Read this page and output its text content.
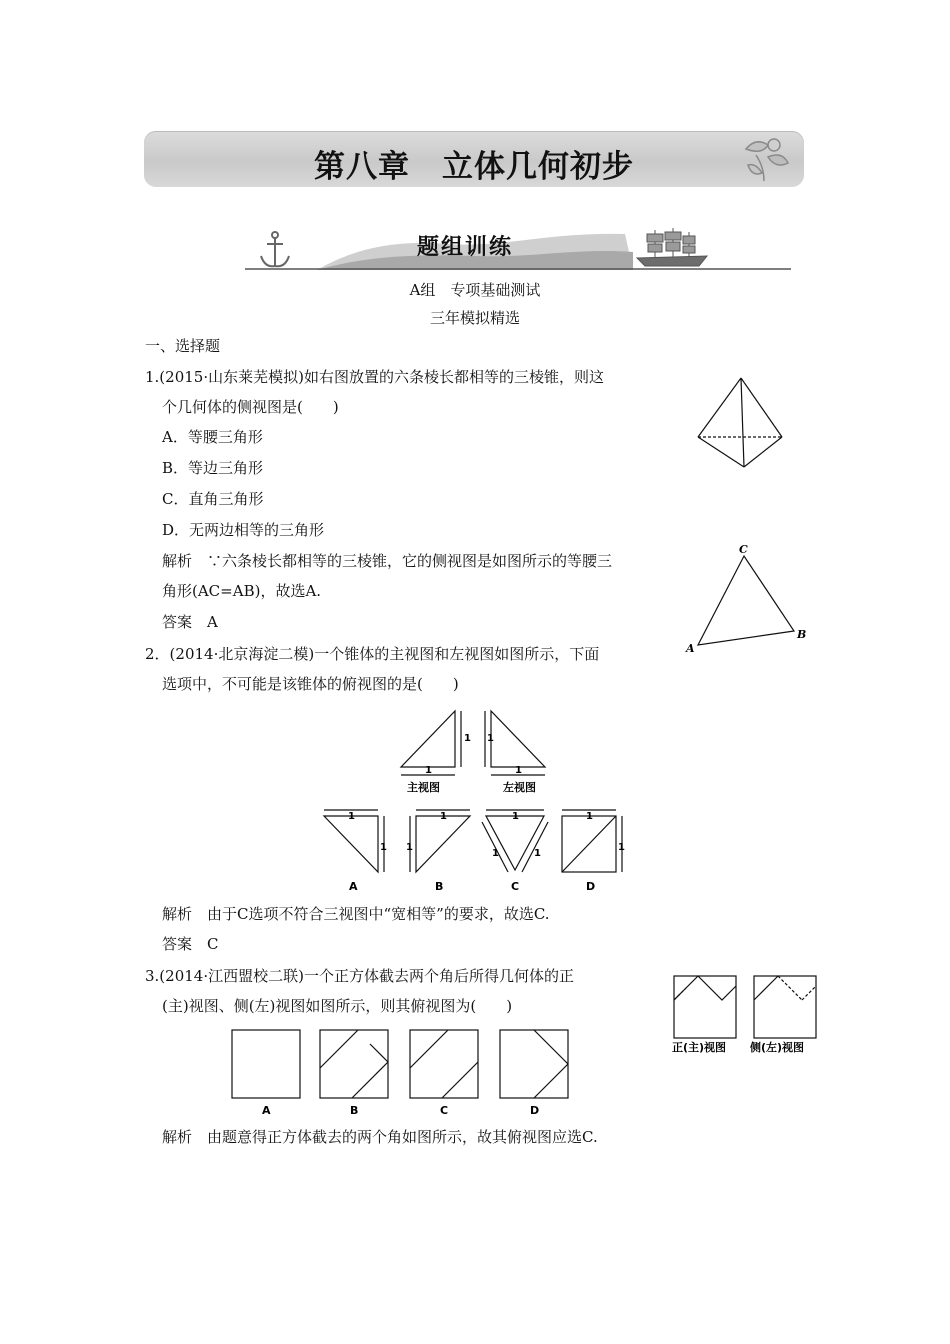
第八章　立体几何初步
题组训练
A组　专项基础测试
三年模拟精选
一、选择题
1.(2015·山东莱芜模拟)如右图放置的六条棱长都相等的三棱锥，则这
个几何体的侧视图是(　　)
A．等腰三角形
B．等边三角形
C．直角三角形
D．无两边相等的三角形
解析　∵六条棱长都相等的三棱锥，它的侧视图是如图所示的等腰三
角形(AC=AB)，故选A.
答案　A
C
A
B
2．(2014·北京海淀二模)一个锥体的主视图和左视图如图所示，下面
选项中，不可能是该锥体的俯视图的是(　　)
1
1
1
1
主视图	左视图
1
1
1
1
1
1	1
1
1
A	B	C	D
解析　由于C选项不符合三视图中“宽相等”的要求，故选C.
答案　C
3.(2014·江西盟校二联)一个正方体截去两个角后所得几何体的正
(主)视图、侧(左)视图如图所示，则其俯视图为(　　)
正(主)视图 侧(左)视图
A	B	C	D
解析　由题意得正方体截去的两个角如图所示，故其俯视图应选C.
